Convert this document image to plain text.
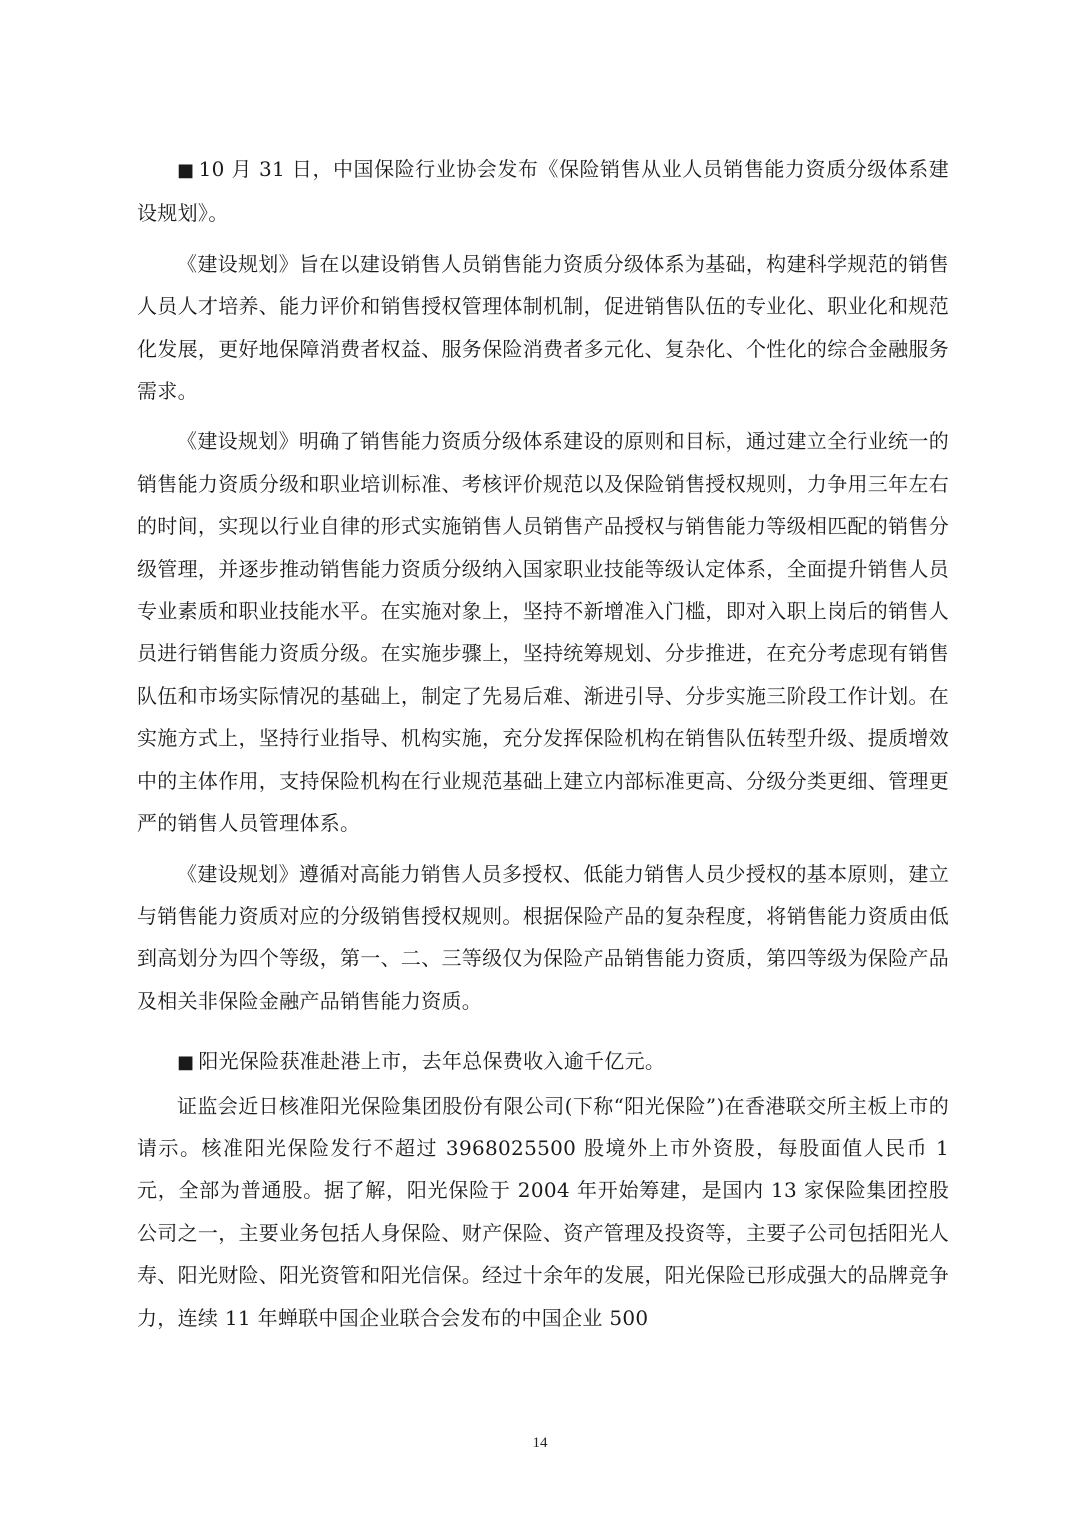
■ 10 月 31 日，中国保险行业协会发布《保险销售从业人员销售能力资质分级体系建设规划》。

《建设规划》旨在以建设销售人员销售能力资质分级体系为基础，构建科学规范的销售人员人才培养、能力评价和销售授权管理体制机制，促进销售队伍的专业化、职业化和规范化发展，更好地保障消费者权益、服务保险消费者多元化、复杂化、个性化的综合金融服务需求。

《建设规划》明确了销售能力资质分级体系建设的原则和目标，通过建立全行业统一的销售能力资质分级和职业培训标准、考核评价规范以及保险销售授权规则，力争用三年左右的时间，实现以行业自律的形式实施销售人员销售产品授权与销售能力等级相匹配的销售分级管理，并逐步推动销售能力资质分级纳入国家职业技能等级认定体系，全面提升销售人员专业素质和职业技能水平。在实施对象上，坚持不新增准入门槛，即对入职上岗后的销售人员进行销售能力资质分级。在实施步骤上，坚持统筹规划、分步推进，在充分考虑现有销售队伍和市场实际情况的基础上，制定了先易后难、渐进引导、分步实施三阶段工作计划。在实施方式上，坚持行业指导、机构实施，充分发挥保险机构在销售队伍转型升级、提质增效中的主体作用，支持保险机构在行业规范基础上建立内部标准更高、分级分类更细、管理更严的销售人员管理体系。

《建设规划》遵循对高能力销售人员多授权、低能力销售人员少授权的基本原则，建立与销售能力资质对应的分级销售授权规则。根据保险产品的复杂程度，将销售能力资质由低到高划分为四个等级，第一、二、三等级仅为保险产品销售能力资质，第四等级为保险产品及相关非保险金融产品销售能力资质。

■ 阳光保险获准赴港上市，去年总保费收入逾千亿元。

证监会近日核准阳光保险集团股份有限公司(下称“阳光保险”)在香港联交所主板上市的请示。核准阳光保险发行不超过 3968025500 股境外上市外资股，每股面值人民币 1 元，全部为普通股。据了解，阳光保险于 2004 年开始筹建，是国内 13 家保险集团控股公司之一，主要业务包括人身保险、财产保险、资产管理及投资等，主要子公司包括阳光人寿、阳光财险、阳光资管和阳光信保。经过十余年的发展，阳光保险已形成强大的品牌竞争力，连续 11 年蝉联中国企业联合会发布的中国企业 500

14
